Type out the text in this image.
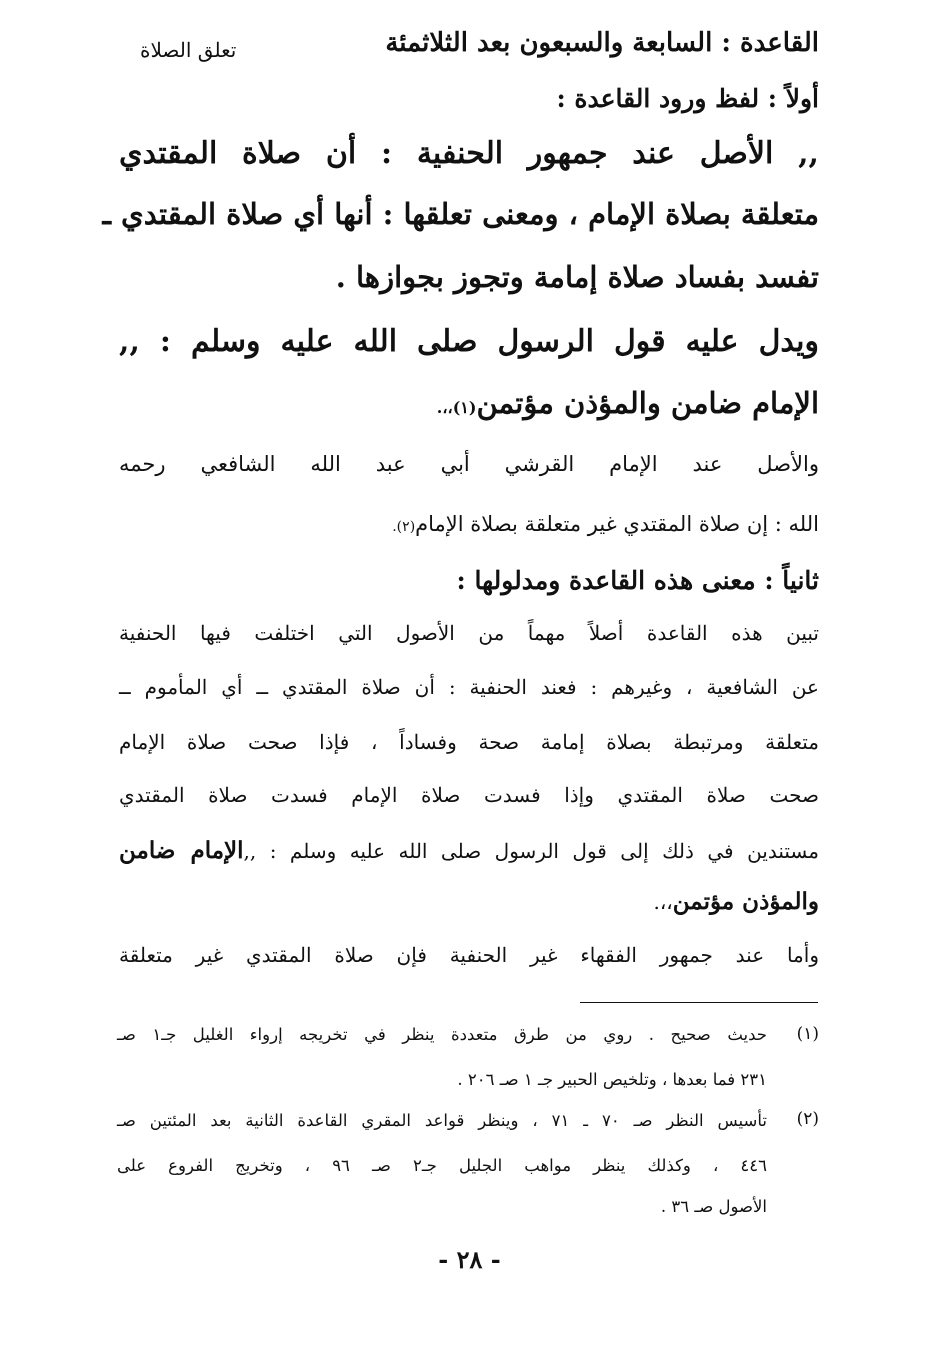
القاعدة : السابعة والسبعون بعد الثلاثمئة
تعلق الصلاة
أولاً : لفظ ورود القاعدة :
,, الأصل عند جمهور الحنفية : أن صلاة المقتدي
متعلقة بصلاة الإمام ، ومعنى تعلقها : أنها أي صلاة المقتدي ـ
تفسد بفساد صلاة إمامة وتجوز بجوازها .
ويدل عليه قول الرسول صلى الله عليه وسلم : ,,
الإمام ضامن والمؤذن مؤتمن(١)،،.
والأصل عند الإمام القرشي أبي عبد الله الشافعي رحمه
الله : إن صلاة المقتدي غير متعلقة بصلاة الإمام(٢).
ثانياً : معنى هذه القاعدة ومدلولها :
تبين هذه القاعدة أصلاً مهماً من الأصول التي اختلفت فيها الحنفية
عن الشافعية ، وغيرهم : فعند الحنفية : أن صلاة المقتدي ــ أي المأموم ــ
متعلقة ومرتبطة بصلاة إمامة صحة وفساداً ، فإذا صحت صلاة الإمام
صحت صلاة المقتدي وإذا فسدت صلاة الإمام فسدت صلاة المقتدي
مستندين في ذلك إلى قول الرسول صلى الله عليه وسلم : ,,الإمام ضامن
والمؤذن مؤتمن،،.
وأما عند جمهور الفقهاء غير الحنفية فإن صلاة المقتدي غير متعلقة
(١)
حديث صحيح . روي من طرق متعددة ينظر في تخريجه إرواء الغليل جـ١ صـ
٢٣١ فما بعدها ، وتلخيص الحبير جـ ١ صـ ٢٠٦ .
(٢)
تأسيس النظر صـ ٧٠ ـ ٧١ ، وينظر قواعد المقري القاعدة الثانية بعد المئتين صـ
٤٤٦ ، وكذلك ينظر مواهب الجليل جـ٢ صـ ٩٦ ، وتخريج الفروع على
الأصول صـ ٣٦ .
- ٢٨ -
